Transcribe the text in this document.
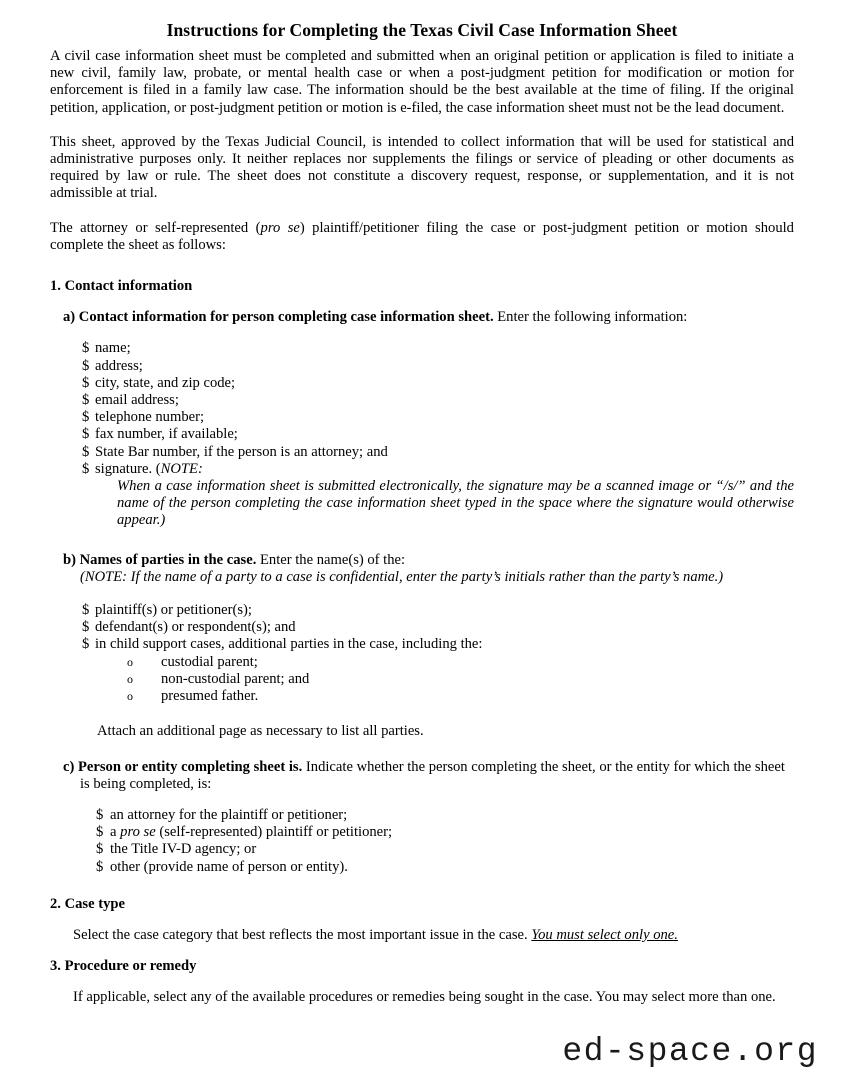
Instructions for Completing the Texas Civil Case Information Sheet

A civil case information sheet must be completed and submitted when an original petition or application is filed to initiate a new civil, family law, probate, or mental health case or when a post-judgment petition for modification or motion for enforcement is filed in a family law case. The information should be the best available at the time of filing. If the original petition, application, or post-judgment petition or motion is e-filed, the case information sheet must not be the lead document.

This sheet, approved by the Texas Judicial Council, is intended to collect information that will be used for statistical and administrative purposes only. It neither replaces nor supplements the filings or service of pleading or other documents as required by law or rule. The sheet does not constitute a discovery request, response, or supplementation, and it is not admissible at trial.

The attorney or self-represented (pro se) plaintiff/petitioner filing the case or post-judgment petition or motion should complete the sheet as follows:

1. Contact information

a) Contact information for person completing case information sheet. Enter the following information:

$ name;
$ address;
$ city, state, and zip code;
$ email address;
$ telephone number;
$ fax number, if available;
$ State Bar number, if the person is an attorney; and
$ signature. (NOTE:
When a case information sheet is submitted electronically, the signature may be a scanned image or “/s/” and the name of the person completing the case information sheet typed in the space where the signature would otherwise appear.)

b) Names of parties in the case. Enter the name(s) of the:

(NOTE: If the name of a party to a case is confidential, enter the party’s initials rather than the party’s name.)

$ plaintiff(s) or petitioner(s);
$ defendant(s) or respondent(s); and
$ in child support cases, additional parties in the case, including the:
o custodial parent;
o non-custodial parent; and
o presumed father.

Attach an additional page as necessary to list all parties.

c) Person or entity completing sheet is. Indicate whether the person completing the sheet, or the entity for which the sheet is being completed, is:

$ an attorney for the plaintiff or petitioner;
$ a pro se (self-represented) plaintiff or petitioner;
$ the Title IV-D agency; or
$ other (provide name of person or entity).

2. Case type

Select the case category that best reflects the most important issue in the case. You must select only one.

3. Procedure or remedy

If applicable, select any of the available procedures or remedies being sought in the case. You may select more than one.

ed-space.org
